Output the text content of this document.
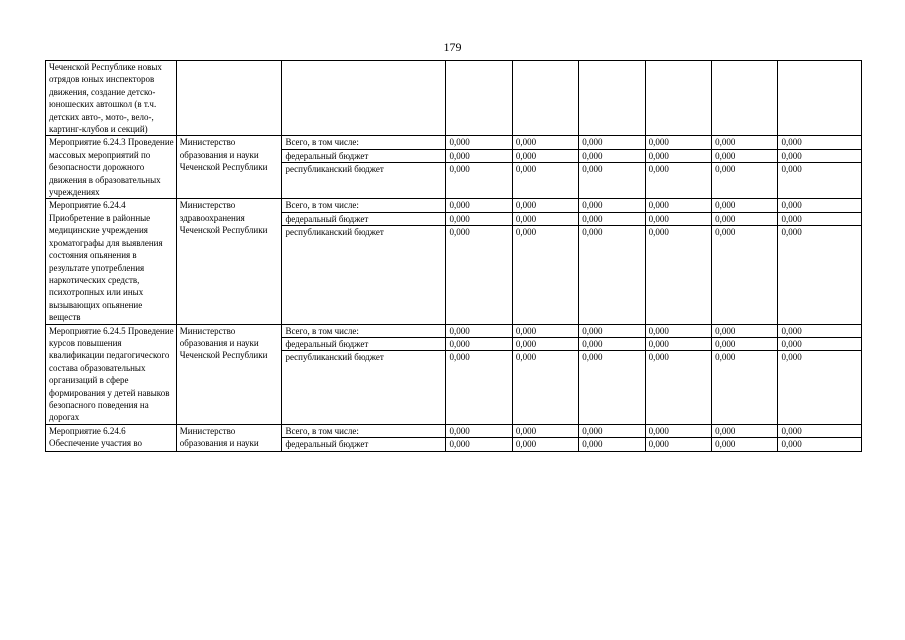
179
Чеченской Республике новых отрядов юных инспекторов движения, создание детско- юношеских автошкол (в т.ч. детских авто-, мото-, вело-, картинг-клубов и секций)								
Мероприятие 6.24.3 Проведение массовых мероприятий по безопасности дорожного движения в образовательных учреждениях	Министерство образования и науки Чеченской Республики	Всего, в том числе:	0,000	0,000	0,000	0,000	0,000	0,000
		федеральный бюджет	0,000	0,000	0,000	0,000	0,000	0,000
		республиканский бюджет	0,000	0,000	0,000	0,000	0,000	0,000
Мероприятие 6.24.4 Приобретение в районные медицинские учреждения хроматографы для выявления состояния опьянения в результате употребления наркотических средств, психотропных или иных вызывающих опьянение веществ	Министерство здравоохранения Чеченской Республики	Всего, в том числе:	0,000	0,000	0,000	0,000	0,000	0,000
		федеральный бюджет	0,000	0,000	0,000	0,000	0,000	0,000
		республиканский бюджет	0,000	0,000	0,000	0,000	0,000	0,000
Мероприятие 6.24.5 Проведение курсов повышения квалификации педагогического состава образовательных организаций в сфере формирования у детей навыков безопасного поведения на дорогах	Министерство образования и науки Чеченской Республики	Всего, в том числе:	0,000	0,000	0,000	0,000	0,000	0,000
		федеральный бюджет	0,000	0,000	0,000	0,000	0,000	0,000
		республиканский бюджет	0,000	0,000	0,000	0,000	0,000	0,000
Мероприятие 6.24.6 Обеспечение участия во	Министерство образования и науки	Всего, в том числе:	0,000	0,000	0,000	0,000	0,000	0,000
		федеральный бюджет	0,000	0,000	0,000	0,000	0,000	0,000
